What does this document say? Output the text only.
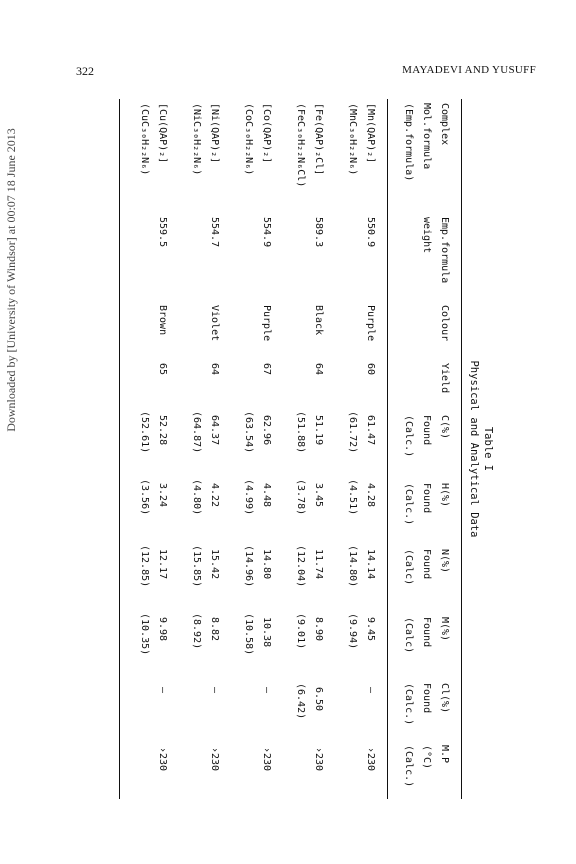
322	MAYADEVI AND YUSUFF
Downloaded by [University of Windsor] at 00:07 18 June 2013
Table I
Physical and Analytical Data
Complex
Mol.formula
(Emp.formula)
Emp.formula
weight
Colour
Yield
C(%)
Found
(Calc.)
H(%)
Found
(Calc.)
N(%)
Found
(Calc)
M(%)
Found
(Calc)
Cl(%)
Found
(Calc.)
M.P
(°C)
(Calc.)
[Mn(QAP)₂]
(MnC₃₀H₂₂N₆)
550.9
Purple
60
61.47
(61.72)
4.28
(4.51)
14.14
(14.80)
9.45
(9.94)
—
›230
[Fe(QAP)₂Cl]
(FeC₃₀H₂₂N₆Cl)
589.3
Black
64
51.19
(51.88)
3.45
(3.78)
11.74
(12.04)
8.90
(9.01)
6.50
(6.42)
›230
[Co(QAP)₂]
(CoC₃₀H₂₂N₆)
554.9
Purple
67
62.96
(63.54)
4.48
(4.99)
14.80
(14.96)
10.38
(10.58)
—
›230
[Ni(QAP)₂]
(NiC₃₀H₂₂N₆)
554.7
Violet
64
64.37
(64.87)
4.22
(4.80)
15.42
(15.85)
8.82
(8.92)
—
›230
[Cu(QAP)₂]
(CuC₃₀H₂₂N₆)
559.5
Brown
65
52.28
(52.61)
3.24
(3.56)
12.17
(12.85)
9.98
(10.35)
—
›230
